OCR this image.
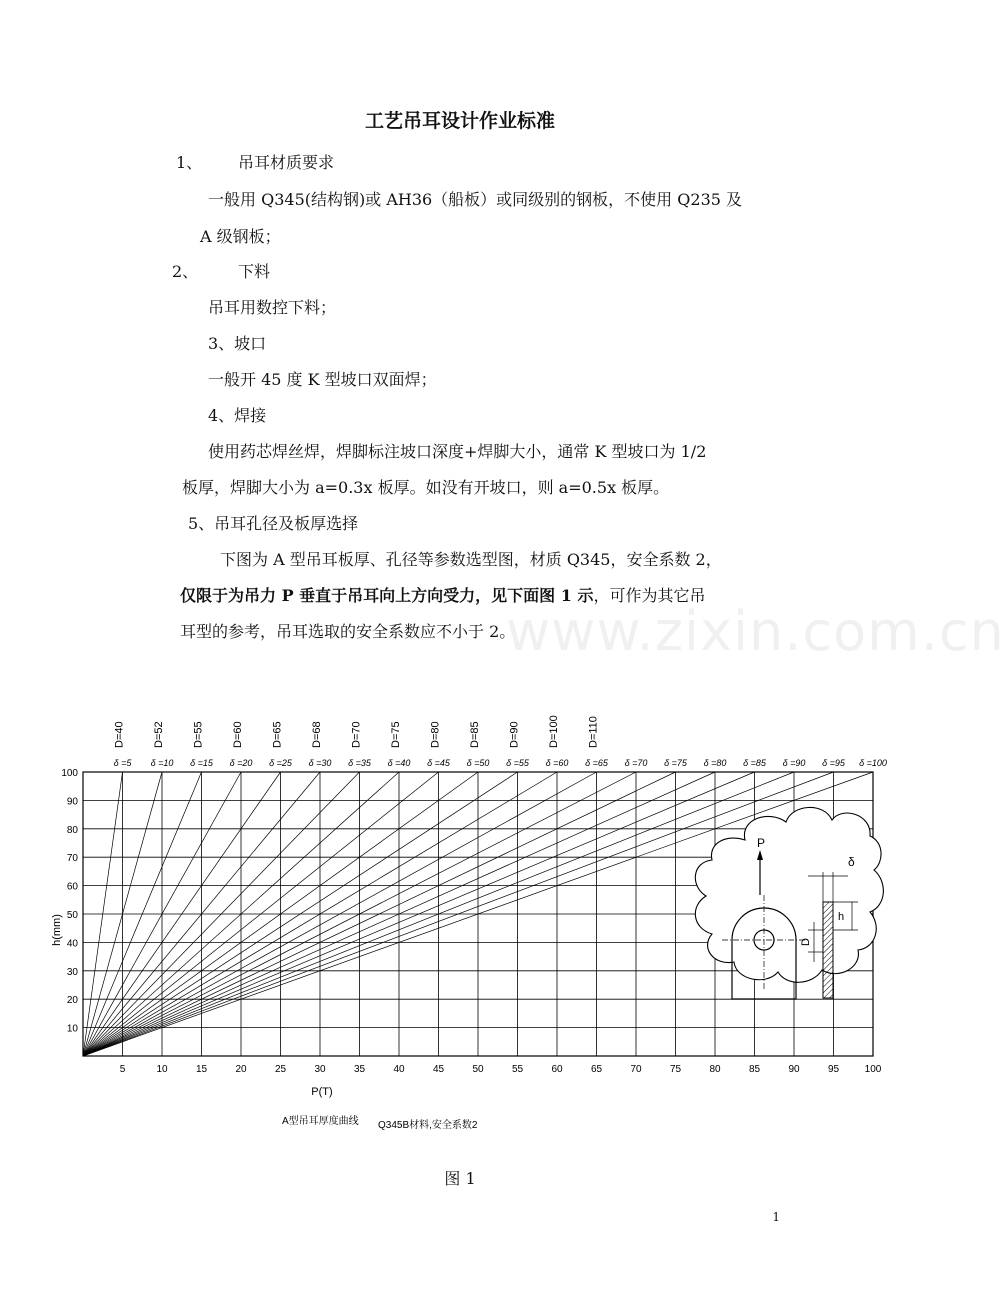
工艺吊耳设计作业标准
1、 吊耳材质要求
一般用 Q345(结构钢)或 AH36（船板）或同级别的钢板，不使用 Q235 及
A 级钢板；
2、 下料
吊耳用数控下料；
3、坡口
一般开 45 度 K 型坡口双面焊；
4、焊接
使用药芯焊丝焊，焊脚标注坡口深度+焊脚大小，通常 K 型坡口为 1/2
板厚，焊脚大小为 a=0.3x 板厚。如没有开坡口，则 a=0.5x 板厚。
5、吊耳孔径及板厚选择
下图为 A 型吊耳板厚、孔径等参数选型图，材质 Q345，安全系数 2，
仅限于为吊力 P 垂直于吊耳向上方向受力，见下面图 1 示，可作为其它吊
耳型的参考，吊耳选取的安全系数应不小于 2。
www.zixin.com.cn
5	10	15	20	25	30	35	40	45	50	55	60	65	70	75	80	85	90	95	100
10
20
30
40
50
60
70
80
90
100
δ =5 δ =10 δ =15 δ =20 δ =25 δ =30 δ =35 δ =40 δ =45 δ =50 δ =55 δ =60 δ =65 δ =70 δ =75 δ =80 δ =85 δ =90 δ =95 δ =100
D=40	D=52	D=55	D=60	D=65	D=68	D=70	D=75	D=80	D=85	D=90	D=100	D=110
h(mm)
P(T)
A型吊耳厚度曲线 Q345B材料,安全系数2
P
δ
h
D
图 1
1
